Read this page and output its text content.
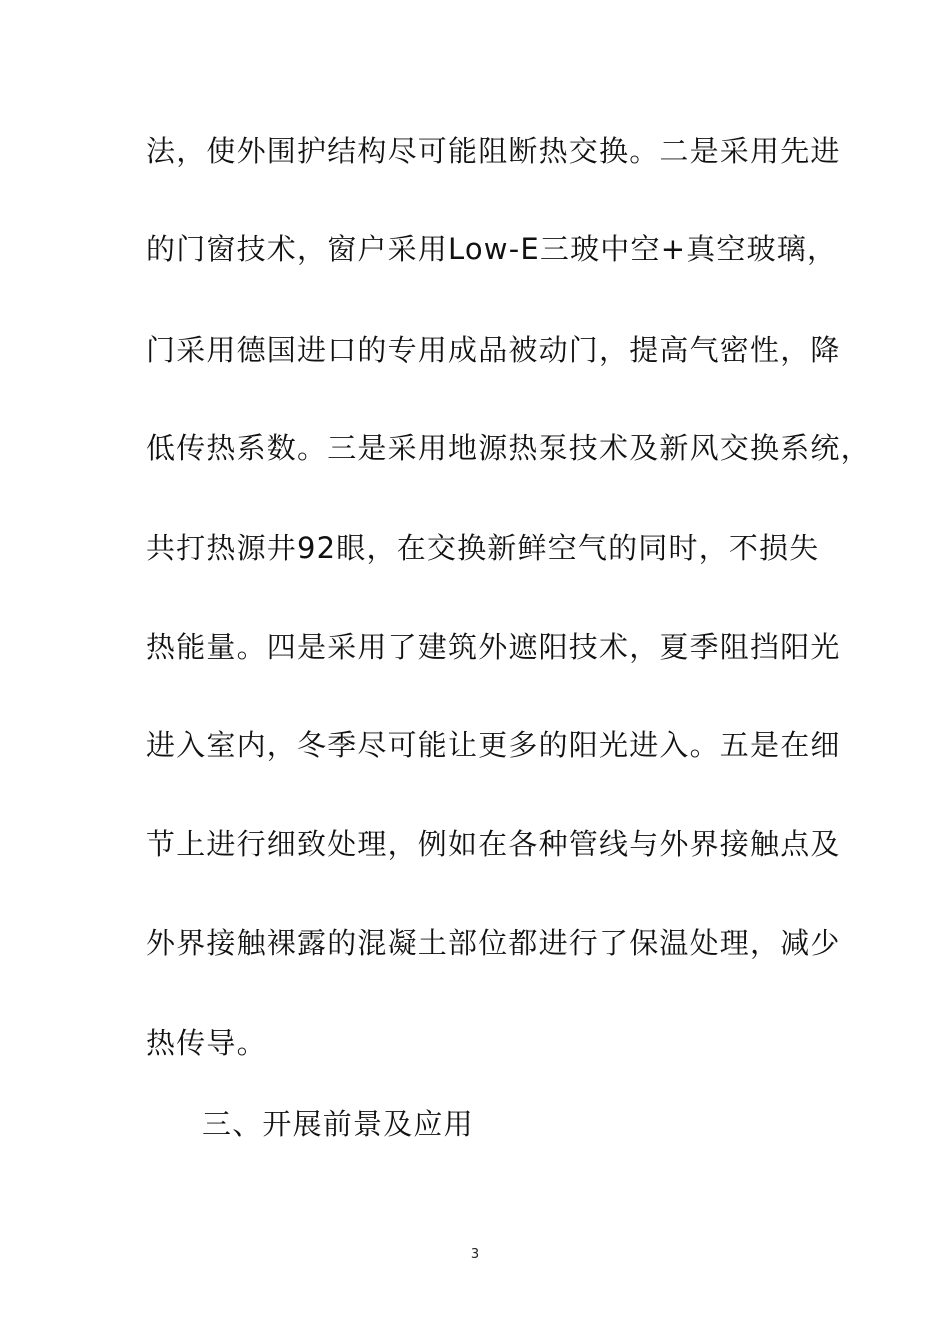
法，使外围护结构尽可能阻断热交换。二是采用先进
的门窗技术，窗户采用Low-E三玻中空+真空玻璃，
门采用德国进口的专用成品被动门，提高气密性，降
低传热系数。三是采用地源热泵技术及新风交换系统，
共打热源井92眼，在交换新鲜空气的同时，不损失
热能量。四是采用了建筑外遮阳技术，夏季阻挡阳光
进入室内，冬季尽可能让更多的阳光进入。五是在细
节上进行细致处理，例如在各种管线与外界接触点及
外界接触裸露的混凝土部位都进行了保温处理，减少
热传导。
三、开展前景及应用
3
